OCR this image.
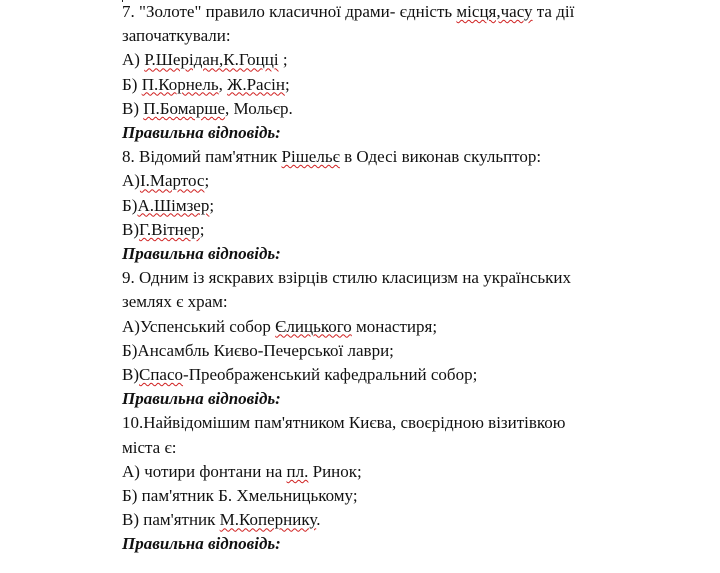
7. "Золоте" правило класичної драми- єдність місця,часу та дії
започаткували:
А) Р.Шерідан,К.Гоцці ;
Б) П.Корнель, Ж.Расін;
В) П.Бомарше, Мольєр.
Правильна відповідь:
8. Відомий пам'ятник Рішельє в Одесі виконав скульптор:
А)І.Мартос;
Б)А.Шімзер;
В)Г.Вітнер;
Правильна відповідь:
9. Одним із яскравих взірців стилю класицизм на українських
землях є храм:
А)Успенський собор Єлицького монастиря;
Б)Ансамбль Києво-Печерської лаври;
В)Спасо-Преображенський кафедральний собор;
Правильна відповідь:
10.Найвідомішим пам'ятником Києва, своєрідною візитівкою
міста є:
А) чотири фонтани на пл. Ринок;
Б) пам'ятник Б. Хмельницькому;
В) пам'ятник М.Копернику.
Правильна відповідь:
